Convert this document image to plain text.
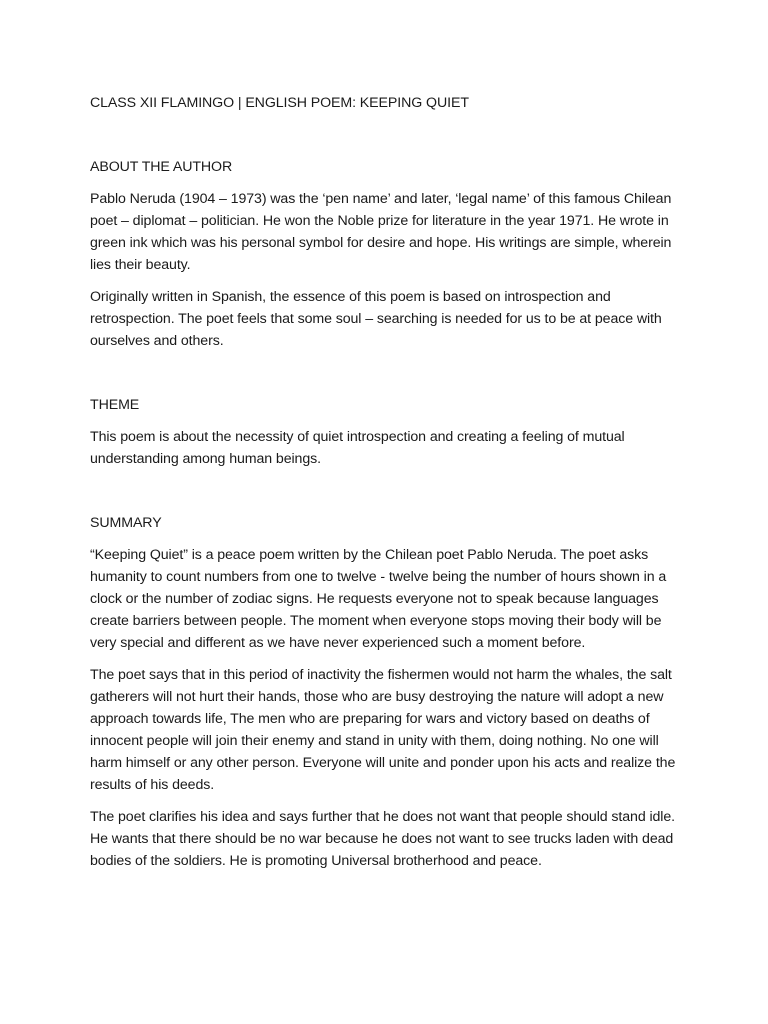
CLASS XII FLAMINGO | ENGLISH POEM: KEEPING QUIET
ABOUT THE AUTHOR

Pablo Neruda (1904 – 1973) was the ‘pen name’ and later, ‘legal name’ of this famous Chilean poet – diplomat – politician. He won the Noble prize for literature in the year 1971. He wrote in green ink which was his personal symbol for desire and hope. His writings are simple, wherein lies their beauty.

Originally written in Spanish, the essence of this poem is based on introspection and retrospection. The poet feels that some soul – searching is needed for us to be at peace with ourselves and others.

THEME

This poem is about the necessity of quiet introspection and creating a feeling of mutual understanding among human beings.

SUMMARY

“Keeping Quiet” is a peace poem written by the Chilean poet Pablo Neruda. The poet asks humanity to count numbers from one to twelve - twelve being the number of hours shown in a clock or the number of zodiac signs. He requests everyone not to speak because languages create barriers between people. The moment when everyone stops moving their body will be very special and different as we have never experienced such a moment before.

The poet says that in this period of inactivity the fishermen would not harm the whales, the salt gatherers will not hurt their hands, those who are busy destroying the nature will adopt a new approach towards life, The men who are preparing for wars and victory based on deaths of innocent people will join their enemy and stand in unity with them, doing nothing. No one will harm himself or any other person. Everyone will unite and ponder upon his acts and realize the results of his deeds.

The poet clarifies his idea and says further that he does not want that people should stand idle. He wants that there should be no war because he does not want to see trucks laden with dead bodies of the soldiers. He is promoting Universal brotherhood and peace.
